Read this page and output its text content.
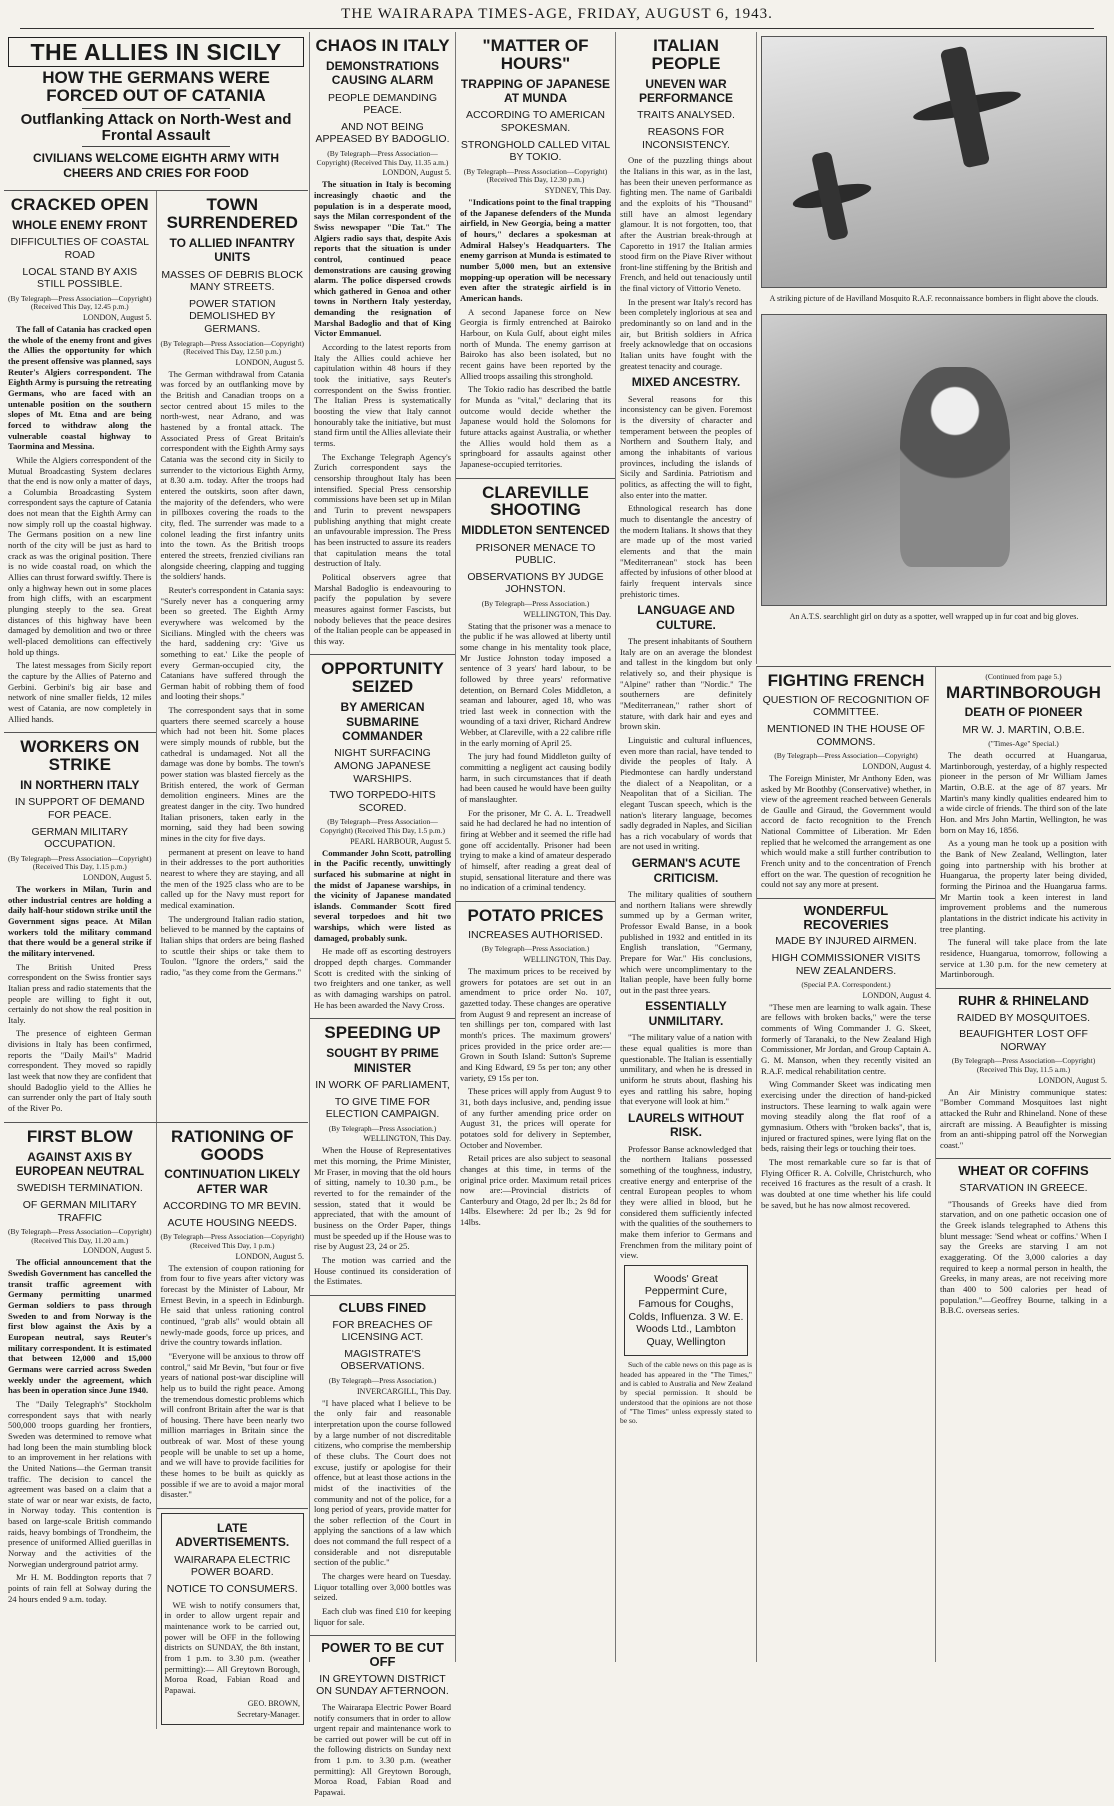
THE WAIRARAPA TIMES-AGE, FRIDAY, AUGUST 6, 1943.
THE ALLIES IN SICILY
HOW THE GERMANS WERE FORCED OUT OF CATANIA
Outflanking Attack on North-West and Frontal Assault
CIVILIANS WELCOME EIGHTH ARMY WITH CHEERS AND CRIES FOR FOOD
CRACKED OPEN
WHOLE ENEMY FRONT
DIFFICULTIES OF COASTAL ROAD
LOCAL STAND BY AXIS STILL POSSIBLE.
(By Telegraph—Press Association—Copyright) (Received This Day, 12.45 p.m.)
LONDON, August 5.

The fall of Catania has cracked open the whole of the enemy front and gives the Allies the opportunity for which the present offensive was planned, says Reuter's Algiers correspondent. The Eighth Army is pursuing the retreating Germans, who are faced with an untenable position on the southern slopes of Mt. Etna and are being forced to withdraw along the vulnerable coastal highway to Taormina and Messina.

While the Algiers correspondent of the Mutual Broadcasting System declares that the end is now only a matter of days, a Columbia Broadcasting System correspondent says the capture of Catania does not mean that the Eighth Army can now simply roll up the coastal highway. The Germans position on a new line north of the city will be just as hard to crack as was the original position. There is no wide coastal road, on which the Allies can thrust forward swiftly. There is only a highway hewn out in some places from high cliffs, with an escarpment plunging steeply to the sea. Great distances of this highway have been damaged by demolition and two or three well-placed demolitions can effectively hold up things.

The latest messages from Sicily report the capture by the Allies of Paterno and Gerbini. Gerbini's big air base and network of nine smaller fields, 12 miles west of Catania, are now completely in Allied hands.

WORKERS ON STRIKE
IN NORTHERN ITALY
IN SUPPORT OF DEMAND FOR PEACE.
GERMAN MILITARY OCCUPATION.
(By Telegraph—Press Association—Copyright) (Received This Day, 1.15 p.m.)
LONDON, August 5.

The workers in Milan, Turin and other industrial centres are holding a daily half-hour stidown strike until the Government signs peace. At Milan workers told the military command that there would be a general strike if the military intervened.

The British United Press correspondent on the Swiss frontier says Italian press and radio statements that the people are willing to fight it out, certainly do not show the real position in Italy.

The presence of eighteen German divisions in Italy has been confirmed, reports the "Daily Mail's" Madrid correspondent. They moved so rapidly last week that now they are confident that should Badoglio yield to the Allies he can surrender only the part of Italy south of the River Po.

TOWN SURRENDERED
TO ALLIED INFANTRY UNITS
MASSES OF DEBRIS BLOCK MANY STREETS.
POWER STATION DEMOLISHED BY GERMANS.
(By Telegraph—Press Association—Copyright) (Received This Day, 12.50 p.m.)
LONDON, August 5.

The German withdrawal from Catania was forced by an outflanking move by the British and Canadian troops on a sector centred about 15 miles to the north-west, near Adrano, and was hastened by a frontal attack. The Associated Press of Great Britain's correspondent with the Eighth Army says Catania was the second city in Sicily to surrender to the victorious Eighth Army, at 8.30 a.m. today. After the troops had entered the outskirts, soon after dawn, the majority of the defenders, who were in pillboxes covering the roads to the city, fled. The surrender was made to a colonel leading the first infantry units into the town. As the British troops entered the streets, frenzied civilians ran alongside cheering, clapping and tugging the soldiers' hands.

Reuter's correspondent in Catania says: "Surely never has a conquering army been so greeted. The Eighth Army everywhere was welcomed by the Sicilians. Mingled with the cheers was the hard, saddening cry: 'Give us something to eat.' Like the people of every German-occupied city, the Catanians have suffered through the German habit of robbing them of food and looting their shops."

The correspondent says that in some quarters there seemed scarcely a house which had not been hit. Some places were simply mounds of rubble, but the cathedral is undamaged. Not all the damage was done by bombs. The town's power station was blasted fiercely as the British entered, the work of German demolition engineers. Mines are the greatest danger in the city. Two hundred Italian prisoners, taken early in the morning, said they had been sowing mines in the city for five days.

permanent at present on leave to hand in their addresses to the port authorities nearest to where they are staying, and all the men of the 1925 class who are to be called up for the Navy must report for medical examination.

The underground Italian radio station, believed to be manned by the captains of Italian ships that orders are being flashed to scuttle their ships or take them to Toulon. "Ignore the orders," said the radio, "as they come from the Germans."

FIRST BLOW
AGAINST AXIS BY EUROPEAN NEUTRAL
SWEDISH TERMINATION.
OF GERMAN MILITARY TRAFFIC
(By Telegraph—Press Association—Copyright) (Received This Day, 11.20 a.m.)
LONDON, August 5.

The official announcement that the Swedish Government has cancelled the transit traffic agreement with Germany permitting unarmed German soldiers to pass through Sweden to and from Norway is the first blow against the Axis by a European neutral, says Reuter's military correspondent. It is estimated that between 12,000 and 15,000 Germans were carried across Sweden weekly under the agreement, which has been in operation since June 1940.

The "Daily Telegraph's" Stockholm correspondent says that with nearly 500,000 troops guarding her frontiers, Sweden was determined to remove what had long been the main stumbling block to an improvement in her relations with the United Nations—the German transit traffic. The decision to cancel the agreement was based on a claim that a state of war or near war exists, de facto, in Norway today. This contention is based on large-scale British commando raids, heavy bombings of Trondheim, the presence of uniformed Allied guerillas in Norway and the activities of the Norwegian underground patriot army.

Mr H. M. Boddington reports that 7 points of rain fell at Solway during the 24 hours ended 9 a.m. today.

RATIONING OF GOODS
CONTINUATION LIKELY AFTER WAR
ACCORDING TO MR BEVIN.
ACUTE HOUSING NEEDS.
(By Telegraph—Press Association—Copyright) (Received This Day, 1 p.m.)
LONDON, August 5.

The extension of coupon rationing for from four to five years after victory was forecast by the Minister of Labour, Mr Ernest Bevin, in a speech in Edinburgh. He said that unless rationing control continued, "grab alls" would obtain all newly-made goods, force up prices, and drive the country towards inflation.

"Everyone will be anxious to throw off control," said Mr Bevin, "but four or five years of national post-war discipline will help us to build the right peace. Among the tremendous domestic problems which will confront Britain after the war is that of housing. There have been nearly two million marriages in Britain since the outbreak of war. Most of these young people will be unable to set up a home, and we will have to provide facilities for these homes to be built as quickly as possible if we are to avoid a major moral disaster."

LATE ADVERTISEMENTS.
WAIRARAPA ELECTRIC POWER BOARD.
NOTICE TO CONSUMERS.

WE wish to notify consumers that, in order to allow urgent repair and maintenance work to be carried out, power will be OFF in the following districts on SUNDAY, the 8th instant, from 1 p.m. to 3.30 p.m. (weather permitting):— All Greytown Borough, Moroa Road, Fabian Road and Papawai.

GEO. BROWN,
Secretary-Manager.
CHAOS IN ITALY
DEMONSTRATIONS CAUSING ALARM
PEOPLE DEMANDING PEACE.
AND NOT BEING APPEASED BY BADOGLIO.
(By Telegraph—Press Association—Copyright) (Received This Day, 11.35 a.m.)
LONDON, August 5.

The situation in Italy is becoming increasingly chaotic and the population is in a desperate mood, says the Milan correspondent of the Swiss newspaper "Die Tat." The Algiers radio says that, despite Axis reports that the situation is under control, continued peace demonstrations are causing growing alarm. The police dispersed crowds which gathered in Genoa and other towns in Northern Italy yesterday, demanding the resignation of Marshal Badoglio and that of King Victor Emmanuel.

According to the latest reports from Italy the Allies could achieve her capitulation within 48 hours if they took the initiative, says Reuter's correspondent on the Swiss frontier. The Italian Press is systematically boosting the view that Italy cannot honourably take the initiative, but must stand firm until the Allies alleviate their terms.

The Exchange Telegraph Agency's Zurich correspondent says the censorship throughout Italy has been intensified. Special Press censorship commissions have been set up in Milan and Turin to prevent newspapers publishing anything that might create an unfavourable impression. The Press has been instructed to assure its readers that capitulation means the total destruction of Italy.

Political observers agree that Marshal Badoglio is endeavouring to pacify the population by severe measures against former Fascists, but nobody believes that the peace desires of the Italian people can be appeased in this way.

OPPORTUNITY SEIZED
BY AMERICAN SUBMARINE COMMANDER
NIGHT SURFACING AMONG JAPANESE WARSHIPS.
TWO TORPEDO-HITS SCORED.
(By Telegraph—Press Association—Copyright) (Received This Day, 1.5 p.m.)
PEARL HARBOUR, August 5.

Commander John Scott, patrolling in the Pacific recently, unwittingly surfaced his submarine at night in the midst of Japanese warships, in the vicinity of Japanese mandated islands. Commander Scott fired several torpedoes and hit two warships, which were listed as damaged, probably sunk.

He made off as escorting destroyers dropped depth charges. Commander Scott is credited with the sinking of two freighters and one tanker, as well as with damaging warships on patrol. He has been awarded the Navy Cross.

SPEEDING UP
SOUGHT BY PRIME MINISTER
IN WORK OF PARLIAMENT,
TO GIVE TIME FOR ELECTION CAMPAIGN.
(By Telegraph—Press Association.)
WELLINGTON, This Day.

When the House of Representatives met this morning, the Prime Minister, Mr Fraser, in moving that the old hours of sitting, namely to 10.30 p.m., be reverted to for the remainder of the session, stated that it would be appreciated, that with the amount of business on the Order Paper, things must be speeded up if the House was to rise by August 23, 24 or 25.

The motion was carried and the House continued its consideration of the Estimates.

CLUBS FINED
FOR BREACHES OF LICENSING ACT.
MAGISTRATE'S OBSERVATIONS.
(By Telegraph—Press Association.)
INVERCARGILL, This Day.

"I have placed what I believe to be the only fair and reasonable interpretation upon the course followed by a large number of not discreditable citizens, who comprise the membership of these clubs. The Court does not excuse, justify or apologise for their offence, but at least those actions in the midst of the inactivities of the community and not of the police, for a long period of years, provide matter for the sober reflection of the Court in applying the sanctions of a law which does not command the full respect of a considerable and not disreputable section of the public."

The charges were heard on Tuesday. Liquor totalling over 3,000 bottles was seized.

Each club was fined £10 for keeping liquor for sale.

POWER TO BE CUT OFF
IN GREYTOWN DISTRICT ON SUNDAY AFTERNOON.

The Wairarapa Electric Power Board notify consumers that in order to allow urgent repair and maintenance work to be carried out power will be cut off in the following districts on Sunday next from 1 p.m. to 3.30 p.m. (weather permitting): All Greytown Borough, Moroa Road, Fabian Road and Papawai.

"MATTER OF HOURS"
TRAPPING OF JAPANESE AT MUNDA
ACCORDING TO AMERICAN SPOKESMAN.
STRONGHOLD CALLED VITAL BY TOKIO.
(By Telegraph—Press Association—Copyright) (Received This Day, 12.30 p.m.)
SYDNEY, This Day.

"Indications point to the final trapping of the Japanese defenders of the Munda airfield, in New Georgia, being a matter of hours," declares a spokesman at Admiral Halsey's Headquarters. The enemy garrison at Munda is estimated to number 5,000 men, but an extensive mopping-up operation will be necessary even after the strategic airfield is in American hands.

A second Japanese force on New Georgia is firmly entrenched at Bairoko Harbour, on Kula Gulf, about eight miles north of Munda. The enemy garrison at Bairoko has also been isolated, but no recent gains have been reported by the Allied troops assailing this stronghold.

The Tokio radio has described the battle for Munda as "vital," declaring that its outcome would decide whether the Japanese would hold the Solomons for future attacks against Australia, or whether the Allies would hold them as a springboard for assaults against other Japanese-occupied territories.

CLAREVILLE SHOOTING
MIDDLETON SENTENCED
PRISONER MENACE TO PUBLIC.
OBSERVATIONS BY JUDGE JOHNSTON.
(By Telegraph—Press Association.)
WELLINGTON, This Day.

Stating that the prisoner was a menace to the public if he was allowed at liberty until some change in his mentality took place, Mr Justice Johnston today imposed a sentence of 3 years' hard labour, to be followed by three years' reformative detention, on Bernard Coles Middleton, a seaman and labourer, aged 18, who was tried last week in connection with the wounding of a taxi driver, Richard Andrew Webber, at Clareville, with a 22 calibre rifle in the early morning of April 25.

The jury had found Middleton guilty of committing a negligent act causing bodily harm, in such circumstances that if death had been caused he would have been guilty of manslaughter.

For the prisoner, Mr C. A. L. Treadwell said he had declared he had no intention of firing at Webber and it seemed the rifle had gone off accidentally. Prisoner had been trying to make a kind of amateur desperado of himself, after reading a great deal of stupid, sensational literature and there was no indication of a criminal tendency.

POTATO PRICES
INCREASES AUTHORISED.
(By Telegraph—Press Association.)
WELLINGTON, This Day.

The maximum prices to be received by growers for potatoes are set out in an amendment to price order No. 107, gazetted today. These changes are operative from August 9 and represent an increase of ten shillings per ton, compared with last month's prices. The maximum growers' prices provided in the price order are:—Grown in South Island: Sutton's Supreme and King Edward, £9 5s per ton; any other variety, £9 15s per ton.

These prices will apply from August 9 to 31, both days inclusive, and, pending issue of any further amending price order on August 31, the prices will operate for potatoes sold for delivery in September, October and November.

Retail prices are also subject to seasonal changes at this time, in terms of the original price order. Maximum retail prices now are:—Provincial districts of Canterbury and Otago, 2d per lb.; 2s 8d for 14lbs. Elsewhere: 2d per lb.; 2s 9d for 14lbs.

ITALIAN PEOPLE
UNEVEN WAR PERFORMANCE
TRAITS ANALYSED.
REASONS FOR INCONSISTENCY.

One of the puzzling things about the Italians in this war, as in the last, has been their uneven performance as fighting men. The name of Garibaldi and the exploits of his "Thousand" still have an almost legendary glamour. It is not forgotten, too, that after the Austrian break-through at Caporetto in 1917 the Italian armies stood firm on the Piave River without front-line stiffening by the British and French, and held out tenaciously until the final victory of Vittorio Veneto.

In the present war Italy's record has been completely inglorious at sea and predominantly so on land and in the air, but British soldiers in Africa freely acknowledge that on occasions Italian units have fought with the greatest tenacity and courage.

MIXED ANCESTRY.

Several reasons for this inconsistency can be given. Foremost is the diversity of character and temperament between the peoples of Northern and Southern Italy, and among the inhabitants of various provinces, including the islands of Sicily and Sardinia. Patriotism and politics, as affecting the will to fight, also enter into the matter.

Ethnological research has done much to disentangle the ancestry of the modern Italians. It shows that they are made up of the most varied elements and that the main "Mediterranean" stock has been affected by infusions of other blood at fairly frequent intervals since prehistoric times.

LANGUAGE AND CULTURE.

The present inhabitants of Southern Italy are on an average the blondest and tallest in the kingdom but only relatively so, and their physique is "Alpine" rather than "Nordic." The southerners are definitely "Mediterranean," rather short of stature, with dark hair and eyes and brown skin.

Linguistic and cultural influences, even more than racial, have tended to divide the peoples of Italy. A Piedmontese can hardly understand the dialect of a Neapolitan, or a Neapolitan that of a Sicilian. The elegant Tuscan speech, which is the nation's literary language, becomes sadly degraded in Naples, and Sicilian has a rich vocabulary of words that are not used in writing.

GERMAN'S ACUTE CRITICISM.

The military qualities of southern and northern Italians were shrewdly summed up by a German writer, Professor Ewald Banse, in a book published in 1932 and entitled in its English translation, "Germany, Prepare for War." His conclusions, which were uncomplimentary to the Italian people, have been fully borne out in the past three years.

ESSENTIALLY UNMILITARY.

"The military value of a nation with these equal qualities is more than questionable. The Italian is essentially unmilitary, and when he is dressed in uniform he struts about, flashing his eyes and rattling his sabre, hoping that everyone will look at him."

LAURELS WITHOUT RISK.

Professor Banse acknowledged that the northern Italians possessed something of the toughness, industry, creative energy and enterprise of the central European peoples to whom they were allied in blood, but he considered them sufficiently infected with the qualities of the southerners to make them inferior to Germans and Frenchmen from the military point of view.

Woods' Great Peppermint Cure, Famous for Coughs, Colds, Influenza. 3 W. E. Woods Ltd., Lambton Quay, Wellington

Such of the cable news on this page as is headed has appeared in the "The Times," and is cabled to Australia and New Zealand by special permission. It should be understood that the opinions are not those of "The Times" unless expressly stated to be so.

A striking picture of de Havilland Mosquito R.A.F. reconnaissance bombers in flight above the clouds.
An A.T.S. searchlight girl on duty as a spotter, well wrapped up in fur coat and big gloves.
FIGHTING FRENCH
QUESTION OF RECOGNITION OF COMMITTEE.
MENTIONED IN THE HOUSE OF COMMONS.
(By Telegraph—Press Association—Copyright)
LONDON, August 4.

The Foreign Minister, Mr Anthony Eden, was asked by Mr Boothby (Conservative) whether, in view of the agreement reached between Generals de Gaulle and Giraud, the Government would accord de facto recognition to the French National Committee of Liberation. Mr Eden replied that he welcomed the arrangement as one which would make a still further contribution to French unity and to the concentration of French effort on the war. The question of recognition he could not say any more at present.

WONDERFUL RECOVERIES
MADE BY INJURED AIRMEN.
HIGH COMMISSIONER VISITS NEW ZEALANDERS.
(Special P.A. Correspondent.)
LONDON, August 4.

"These men are learning to walk again. These are fellows with broken backs," were the terse comments of Wing Commander J. G. Skeet, formerly of Taranaki, to the New Zealand High Commissioner, Mr Jordan, and Group Captain A. G. M. Manson, when they recently visited an R.A.F. medical rehabilitation centre.

Wing Commander Skeet was indicating men exercising under the direction of hand-picked instructors. These learning to walk again were moving steadily along the flat roof of a gymnasium. Others with "broken backs", that is, injured or fractured spines, were lying flat on the beds, raising their legs or touching their toes.

The most remarkable cure so far is that of Flying Officer R. A. Colville, Christchurch, who received 16 fractures as the result of a crash. It was doubted at one time whether his life could be saved, but he has now almost recovered.

(Continued from page 5.)
MARTINBOROUGH
DEATH OF PIONEER
MR W. J. MARTIN, O.B.E.
("Times-Age" Special.)

The death occurred at Huangarua, Martinborough, yesterday, of a highly respected pioneer in the person of Mr William James Martin, O.B.E. at the age of 87 years. Mr Martin's many kindly qualities endeared him to a wide circle of friends. The third son of the late Hon. and Mrs John Martin, Wellington, he was born on May 16, 1856.

As a young man he took up a position with the Bank of New Zealand, Wellington, later going into partnership with his brother at Huangarua, the property later being divided, forming the Pirinoa and the Huangarua farms. Mr Martin took a keen interest in land improvement problems and the numerous plantations in the district indicate his activity in tree planting.

The funeral will take place from the late residence, Huangarua, tomorrow, following a service at 1.30 p.m. for the new cemetery at Martinborough.

RUHR & RHINELAND
RAIDED BY MOSQUITOES.
BEAUFIGHTER LOST OFF NORWAY
(By Telegraph—Press Association—Copyright) (Received This Day, 11.5 a.m.)
LONDON, August 5.

An Air Ministry communique states: "Bomber Command Mosquitoes last night attacked the Ruhr and Rhineland. None of these aircraft are missing. A Beaufighter is missing from an anti-shipping patrol off the Norwegian coast."

WHEAT OR COFFINS
STARVATION IN GREECE.

"Thousands of Greeks have died from starvation, and on one pathetic occasion one of the Greek islands telegraphed to Athens this blunt message: 'Send wheat or coffins.' When I say the Greeks are starving I am not exaggerating. Of the 3,000 calories a day required to keep a normal person in health, the Greeks, in many areas, are not receiving more than 400 to 500 calories per head of population."—Geoffrey Bourne, talking in a B.B.C. overseas series.
